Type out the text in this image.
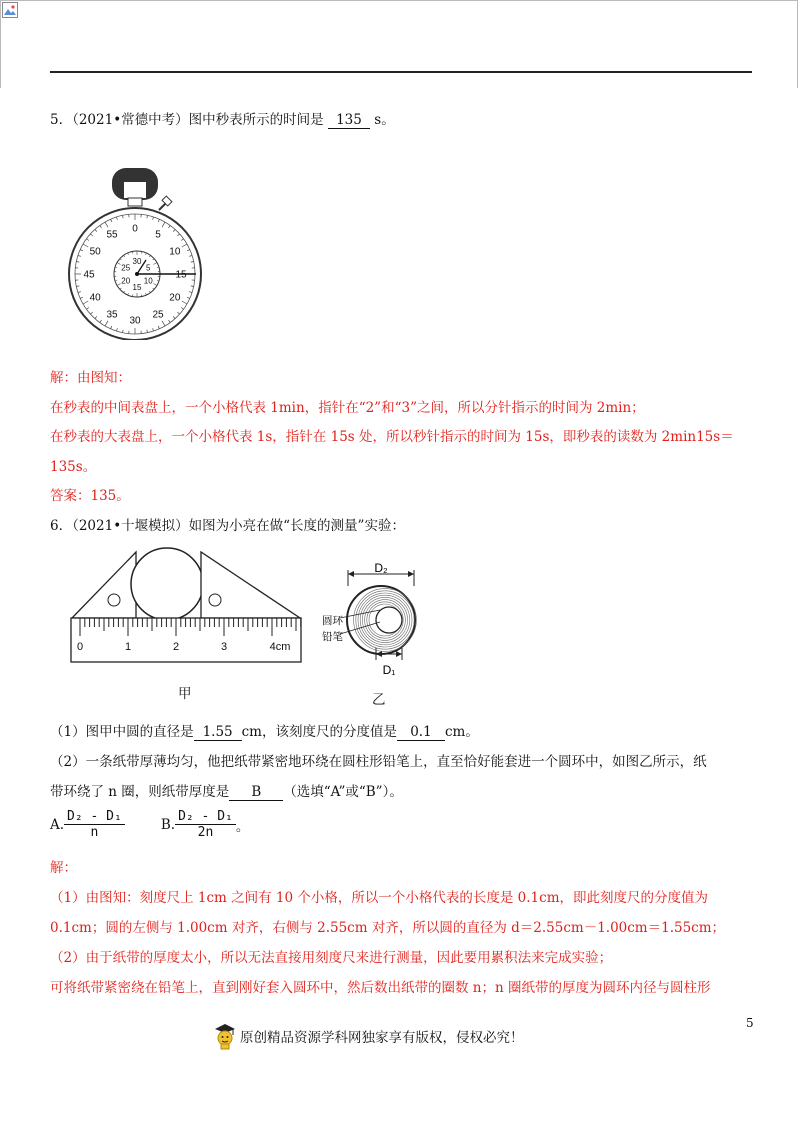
5．（2021•常德中考）图中秒表所示的时间是 135 s。
0
5
10
15
20
25
30
35
40
45
50
55
30
5
10
15
20
25
解：由图知：
在秒表的中间表盘上，一个小格代表 1min，指针在“2”和“3”之间，所以分针指示的时间为 2min；
在秒表的大表盘上，一个小格代表 1s，指针在 15s 处，所以秒针指示的时间为 15s，即秒表的读数为 2min15s＝
135s。
答案：135。
6．（2021•十堰模拟）如图为小亮在做“长度的测量”实验：
0	1	2	3	4cm
甲
D₂
圆环
铅笔
D₁
乙
（1）图甲中圆的直径是 1.55 cm，该刻度尺的分度值是 0.1 cm。
（2）一条纸带厚薄均匀，他把纸带紧密地环绕在圆柱形铅笔上，直至恰好能套进一个圆环中，如图乙所示，纸
带环绕了 n 圈，则纸带厚度是 B （选填“A”或“B”）。
A. $\frac{\text{D₂ - D₁}}{n}$	B. $\frac{\text{D₂ - D₁}}{2n}$ 。
解：
（1）由图知：刻度尺上 1cm 之间有 10 个小格，所以一个小格代表的长度是 0.1cm，即此刻度尺的分度值为
0.1cm；圆的左侧与 1.00cm 对齐，右侧与 2.55cm 对齐，所以圆的直径为 d＝2.55cm－1.00cm＝1.55cm；
（2）由于纸带的厚度太小，所以无法直接用刻度尺来进行测量，因此要用累积法来完成实验；
可将纸带紧密绕在铅笔上，直到刚好套入圆环中，然后数出纸带的圈数 n；n 圈纸带的厚度为圆环内径与圆柱形
5
原创精品资源学科网独家享有版权，侵权必究！
